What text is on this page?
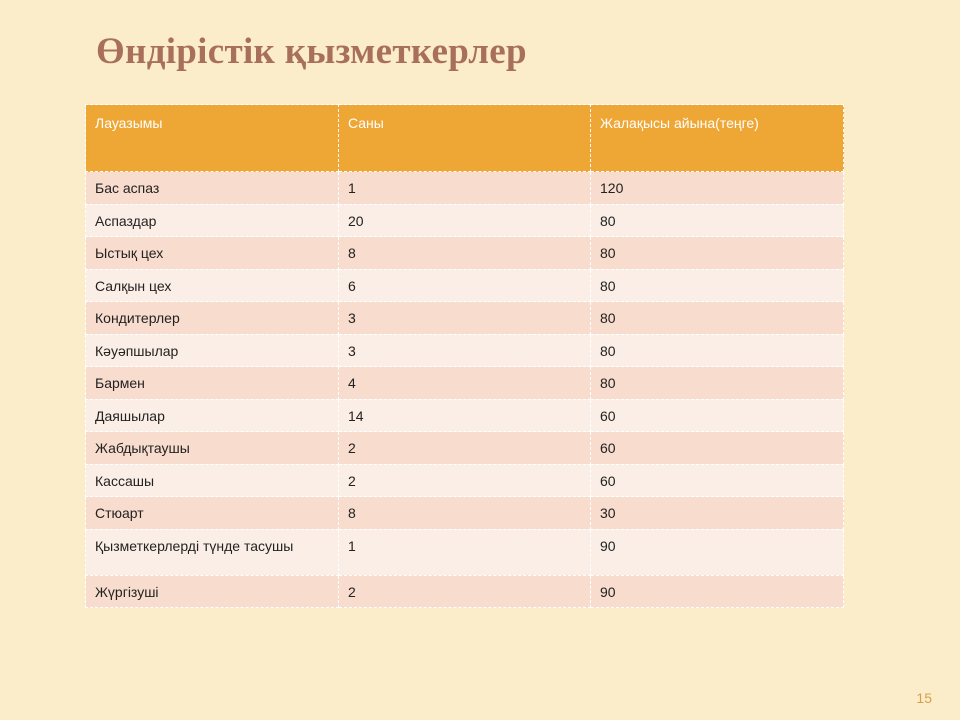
Өндірістік қызметкерлер
Лауазымы	Саны	Жалақысы айына(теңге)
Бас аспаз	1	120
Аспаздар	20	80
Ыстық цех	8	80
Салқын цех	6	80
Кондитерлер	3	80
Кәуәпшылар	3	80
Бармен	4	80
Даяшылар	14	60
Жабдықтаушы	2	60
Кассашы	2	60
Стюарт	8	30
Қызметкерлерді түнде тасушы	1	90
Жүргізуші	2	90
15
